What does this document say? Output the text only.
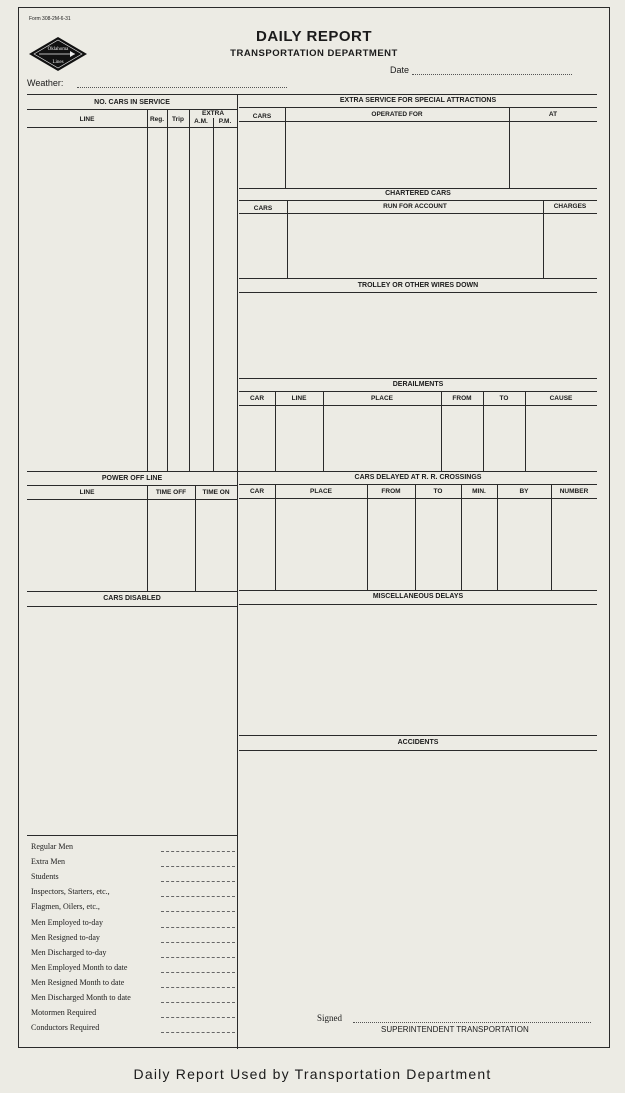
Form 308-2M-6-31
Oklahoma
Lines
DAILY REPORT
TRANSPORTATION DEPARTMENT
Date
Weather:
NO. CARS IN SERVICE
LINE	Reg.	Trip
EXTRA
A.M.	P.M.
EXTRA SERVICE FOR SPECIAL ATTRACTIONS
CARS	OPERATED FOR	AT
CHARTERED CARS
CARS	RUN FOR ACCOUNT	CHARGES
TROLLEY OR OTHER WIRES DOWN
DERAILMENTS
CAR	LINE	PLACE	FROM	TO	CAUSE
POWER OFF LINE
LINE	TIME OFF	TIME ON
CARS DELAYED AT R. R. CROSSINGS
CAR	PLACE	FROM	TO	MIN.	BY	NUMBER
CARS DISABLED	MISCELLANEOUS DELAYS
ACCIDENTS
Signed
SUPERINTENDENT TRANSPORTATION
Regular Men
Extra Men
Students
Inspectors, Starters, etc.,
Flagmen, Oilers, etc.,
Men Employed to-day
Men Resigned to-day
Men Discharged to-day
Men Employed Month to date
Men Resigned Month to date
Men Discharged Month to date
Motormen Required
Conductors Required
Daily Report Used by Transportation Department
